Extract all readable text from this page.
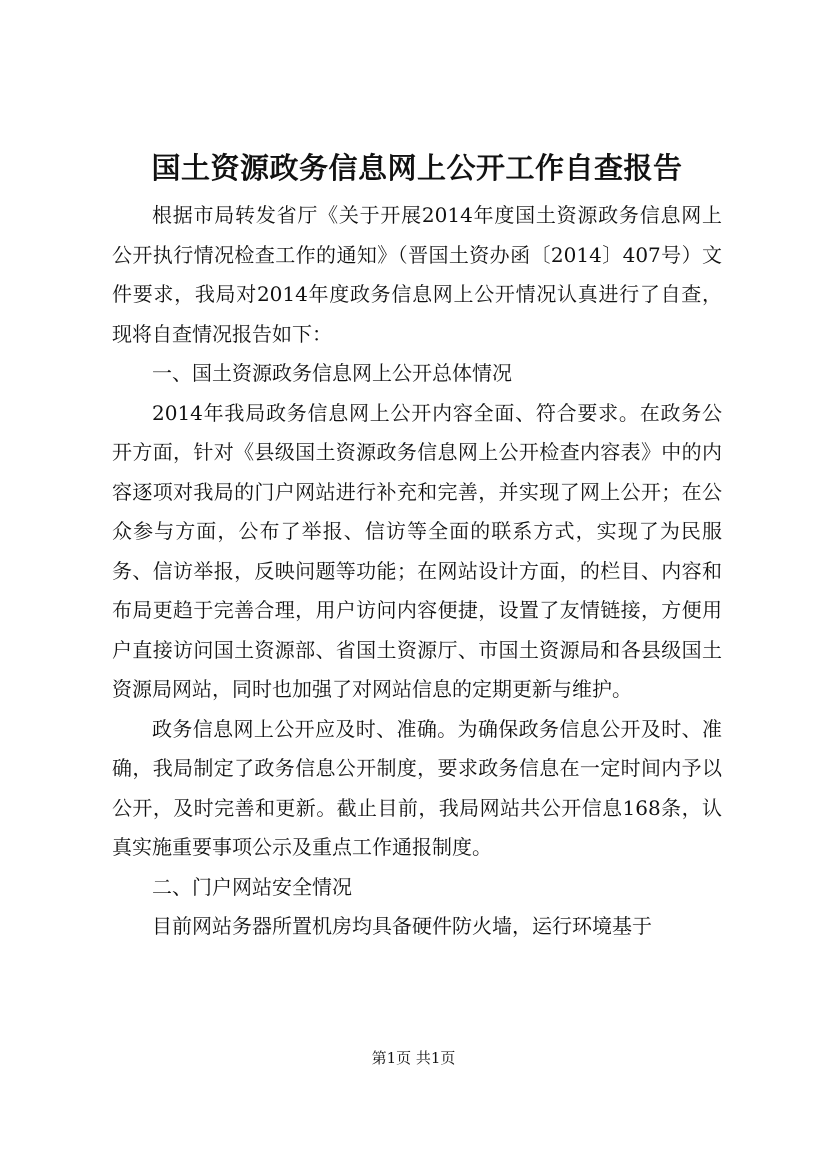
国土资源政务信息网上公开工作自查报告

根据市局转发省厅《关于开展2014年度国土资源政务信息网上公开执行情况检查工作的通知》（晋国土资办函〔2014〕407号）文件要求，我局对2014年度政务信息网上公开情况认真进行了自查，现将自查情况报告如下：

一、国土资源政务信息网上公开总体情况

2014年我局政务信息网上公开内容全面、符合要求。在政务公开方面，针对《县级国土资源政务信息网上公开检查内容表》中的内容逐项对我局的门户网站进行补充和完善，并实现了网上公开；在公众参与方面，公布了举报、信访等全面的联系方式，实现了为民服务、信访举报，反映问题等功能；在网站设计方面，的栏目、内容和布局更趋于完善合理，用户访问内容便捷，设置了友情链接，方便用户直接访问国土资源部、省国土资源厅、市国土资源局和各县级国土资源局网站，同时也加强了对网站信息的定期更新与维护。

政务信息网上公开应及时、准确。为确保政务信息公开及时、准确，我局制定了政务信息公开制度，要求政务信息在一定时间内予以公开，及时完善和更新。截止目前，我局网站共公开信息168条，认真实施重要事项公示及重点工作通报制度。

二、门户网站安全情况

目前网站务器所置机房均具备硬件防火墙，运行环境基于

第1页 共1页
